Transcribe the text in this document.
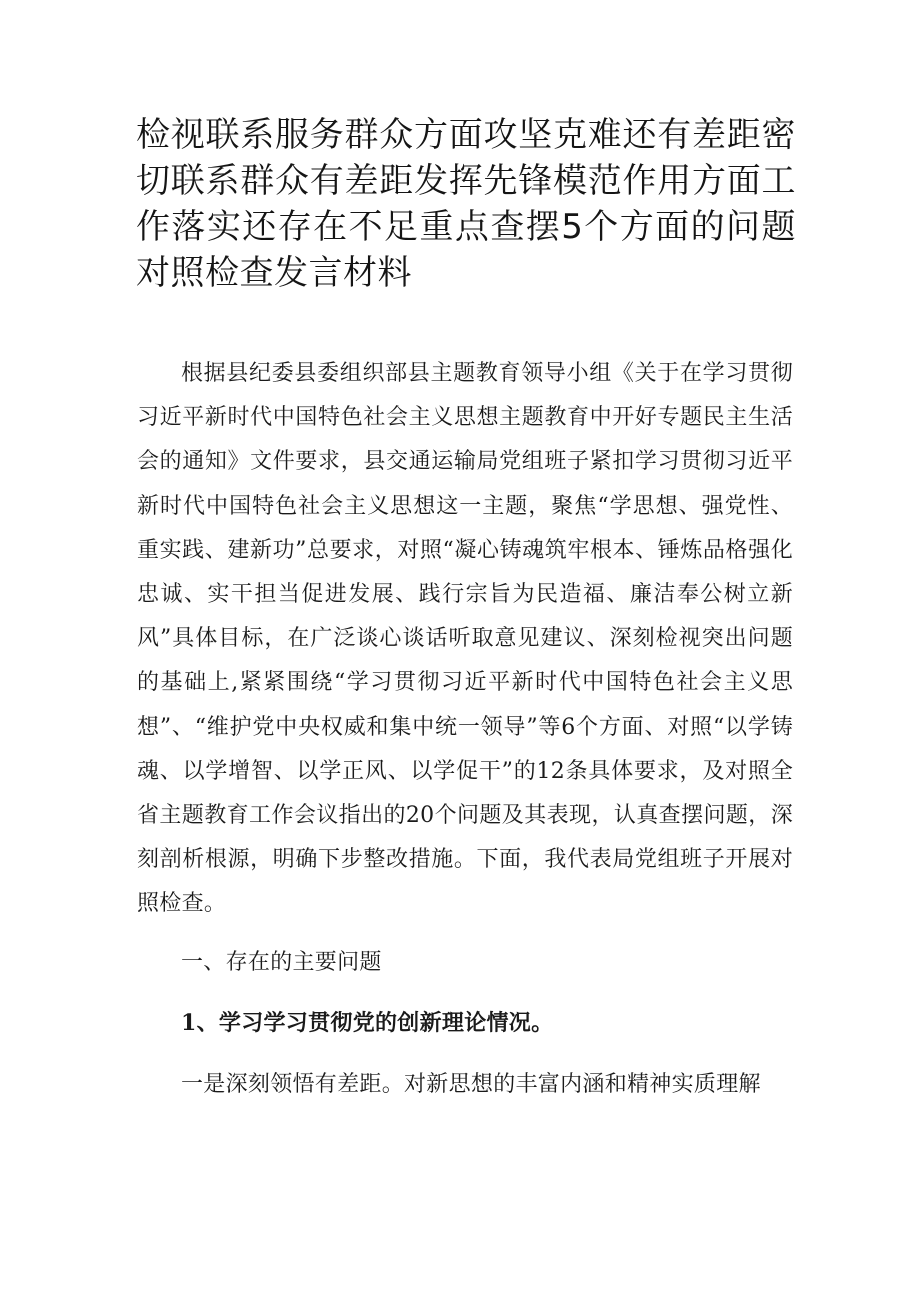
检视联系服务群众方面攻坚克难还有差距密切联系群众有差距发挥先锋模范作用方面工作落实还存在不足重点查摆5个方面的问题对照检查发言材料

根据县纪委县委组织部县主题教育领导小组《关于在学习贯彻习近平新时代中国特色社会主义思想主题教育中开好专题民主生活会的通知》文件要求，县交通运输局党组班子紧扣学习贯彻习近平新时代中国特色社会主义思想这一主题，聚焦“学思想、强党性、重实践、建新功”总要求，对照“凝心铸魂筑牢根本、锤炼品格强化忠诚、实干担当促进发展、践行宗旨为民造福、廉洁奉公树立新风”具体目标，在广泛谈心谈话听取意见建议、深刻检视突出问题的基础上,紧紧围绕“学习贯彻习近平新时代中国特色社会主义思想”、“维护党中央权威和集中统一领导”等6个方面、对照“以学铸魂、以学增智、以学正风、以学促干”的12条具体要求，及对照全省主题教育工作会议指出的20个问题及其表现，认真查摆问题，深刻剖析根源，明确下步整改措施。下面，我代表局党组班子开展对照检查。

一、存在的主要问题

1、学习学习贯彻党的创新理论情况。

一是深刻领悟有差距。对新思想的丰富内涵和精神实质理解
